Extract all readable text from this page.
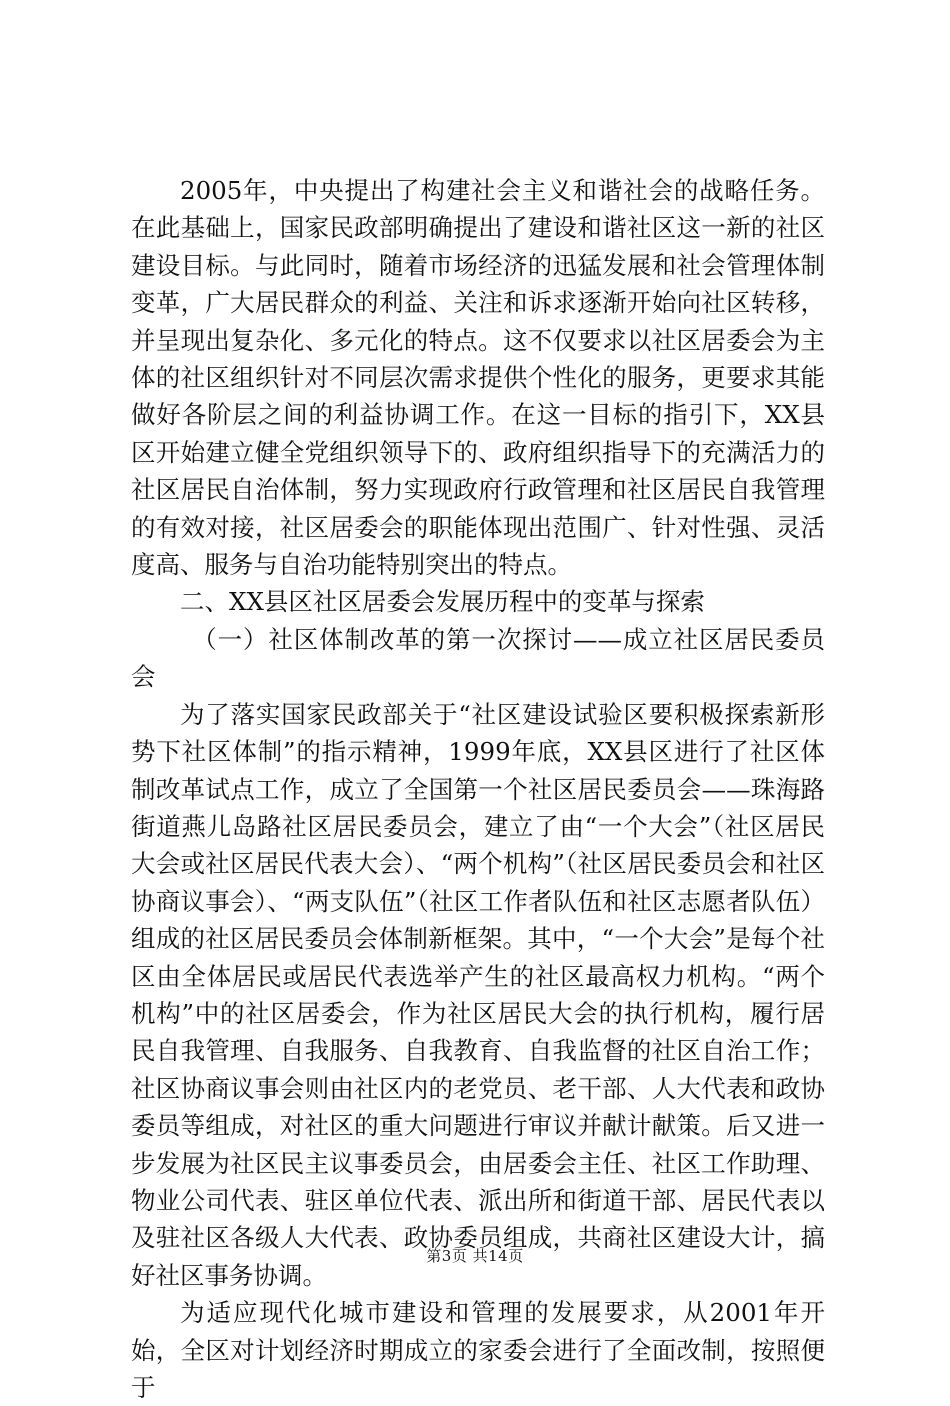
2005年，中央提出了构建社会主义和谐社会的战略任务。在此基础上，国家民政部明确提出了建设和谐社区这一新的社区建设目标。与此同时，随着市场经济的迅猛发展和社会管理体制变革，广大居民群众的利益、关注和诉求逐渐开始向社区转移，并呈现出复杂化、多元化的特点。这不仅要求以社区居委会为主体的社区组织针对不同层次需求提供个性化的服务，更要求其能做好各阶层之间的利益协调工作。在这一目标的指引下，XX县区开始建立健全党组织领导下的、政府组织指导下的充满活力的社区居民自治体制，努力实现政府行政管理和社区居民自我管理的有效对接，社区居委会的职能体现出范围广、针对性强、灵活度高、服务与自治功能特别突出的特点。

二、XX县区社区居委会发展历程中的变革与探索

（一）社区体制改革的第一次探讨——成立社区居民委员会

为了落实国家民政部关于“社区建设试验区要积极探索新形势下社区体制”的指示精神，1999年底，XX县区进行了社区体制改革试点工作，成立了全国第一个社区居民委员会——珠海路街道燕儿岛路社区居民委员会，建立了由“一个大会”（社区居民大会或社区居民代表大会）、“两个机构”（社区居民委员会和社区协商议事会）、“两支队伍”（社区工作者队伍和社区志愿者队伍）组成的社区居民委员会体制新框架。其中，“一个大会”是每个社区由全体居民或居民代表选举产生的社区最高权力机构。“两个机构”中的社区居委会，作为社区居民大会的执行机构，履行居民自我管理、自我服务、自我教育、自我监督的社区自治工作；社区协商议事会则由社区内的老党员、老干部、人大代表和政协委员等组成，对社区的重大问题进行审议并献计献策。后又进一步发展为社区民主议事委员会，由居委会主任、社区工作助理、物业公司代表、驻区单位代表、派出所和街道干部、居民代表以及驻社区各级人大代表、政协委员组成，共商社区建设大计，搞好社区事务协调。

为适应现代化城市建设和管理的发展要求，从2001年开始，全区对计划经济时期成立的家委会进行了全面改制，按照便于

第3页 共14页
